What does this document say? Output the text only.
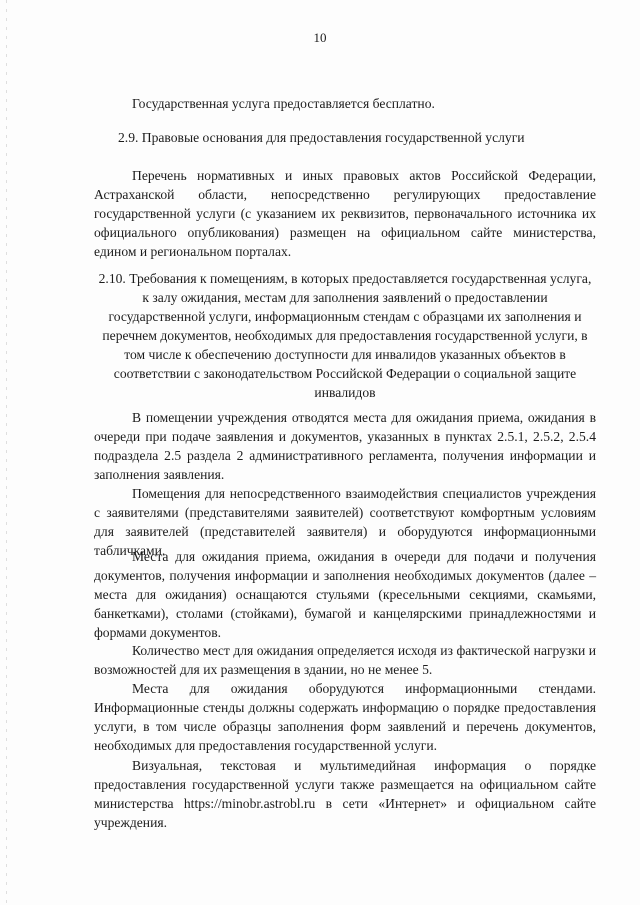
10

Государственная услуга предоставляется бесплатно.

2.9. Правовые основания для предоставления государственной услуги

Перечень нормативных и иных правовых актов Российской Федерации, Астраханской области, непосредственно регулирующих предоставление государственной услуги (с указанием их реквизитов, первоначального источника их официального опубликования) размещен на официальном сайте министерства, едином и региональном порталах.

2.10. Требования к помещениям, в которых предоставляется государственная услуга, к залу ожидания, местам для заполнения заявлений о предоставлении государственной услуги, информационным стендам с образцами их заполнения и перечнем документов, необходимых для предоставления государственной услуги, в том числе к обеспечению доступности для инвалидов указанных объектов в соответствии с законодательством Российской Федерации о социальной защите инвалидов

В помещении учреждения отводятся места для ожидания приема, ожидания в очереди при подаче заявления и документов, указанных в пунктах 2.5.1, 2.5.2, 2.5.4 подраздела 2.5 раздела 2 административного регламента, получения информации и заполнения заявления.

Помещения для непосредственного взаимодействия специалистов учреждения с заявителями (представителями заявителей) соответствуют комфортным условиям для заявителей (представителей заявителя) и оборудуются информационными табличками.

Места для ожидания приема, ожидания в очереди для подачи и получения документов, получения информации и заполнения необходимых документов (далее – места для ожидания) оснащаются стульями (кресельными секциями, скамьями, банкетками), столами (стойками), бумагой и канцелярскими принадлежностями и формами документов.

Количество мест для ожидания определяется исходя из фактической нагрузки и возможностей для их размещения в здании, но не менее 5.

Места для ожидания оборудуются информационными стендами. Информационные стенды должны содержать информацию о порядке предоставления услуги, в том числе образцы заполнения форм заявлений и перечень документов, необходимых для предоставления государственной услуги.

Визуальная, текстовая и мультимедийная информация о порядке предоставления государственной услуги также размещается на официальном сайте министерства https://minobr.astrobl.ru в сети «Интернет» и официальном сайте учреждения.
